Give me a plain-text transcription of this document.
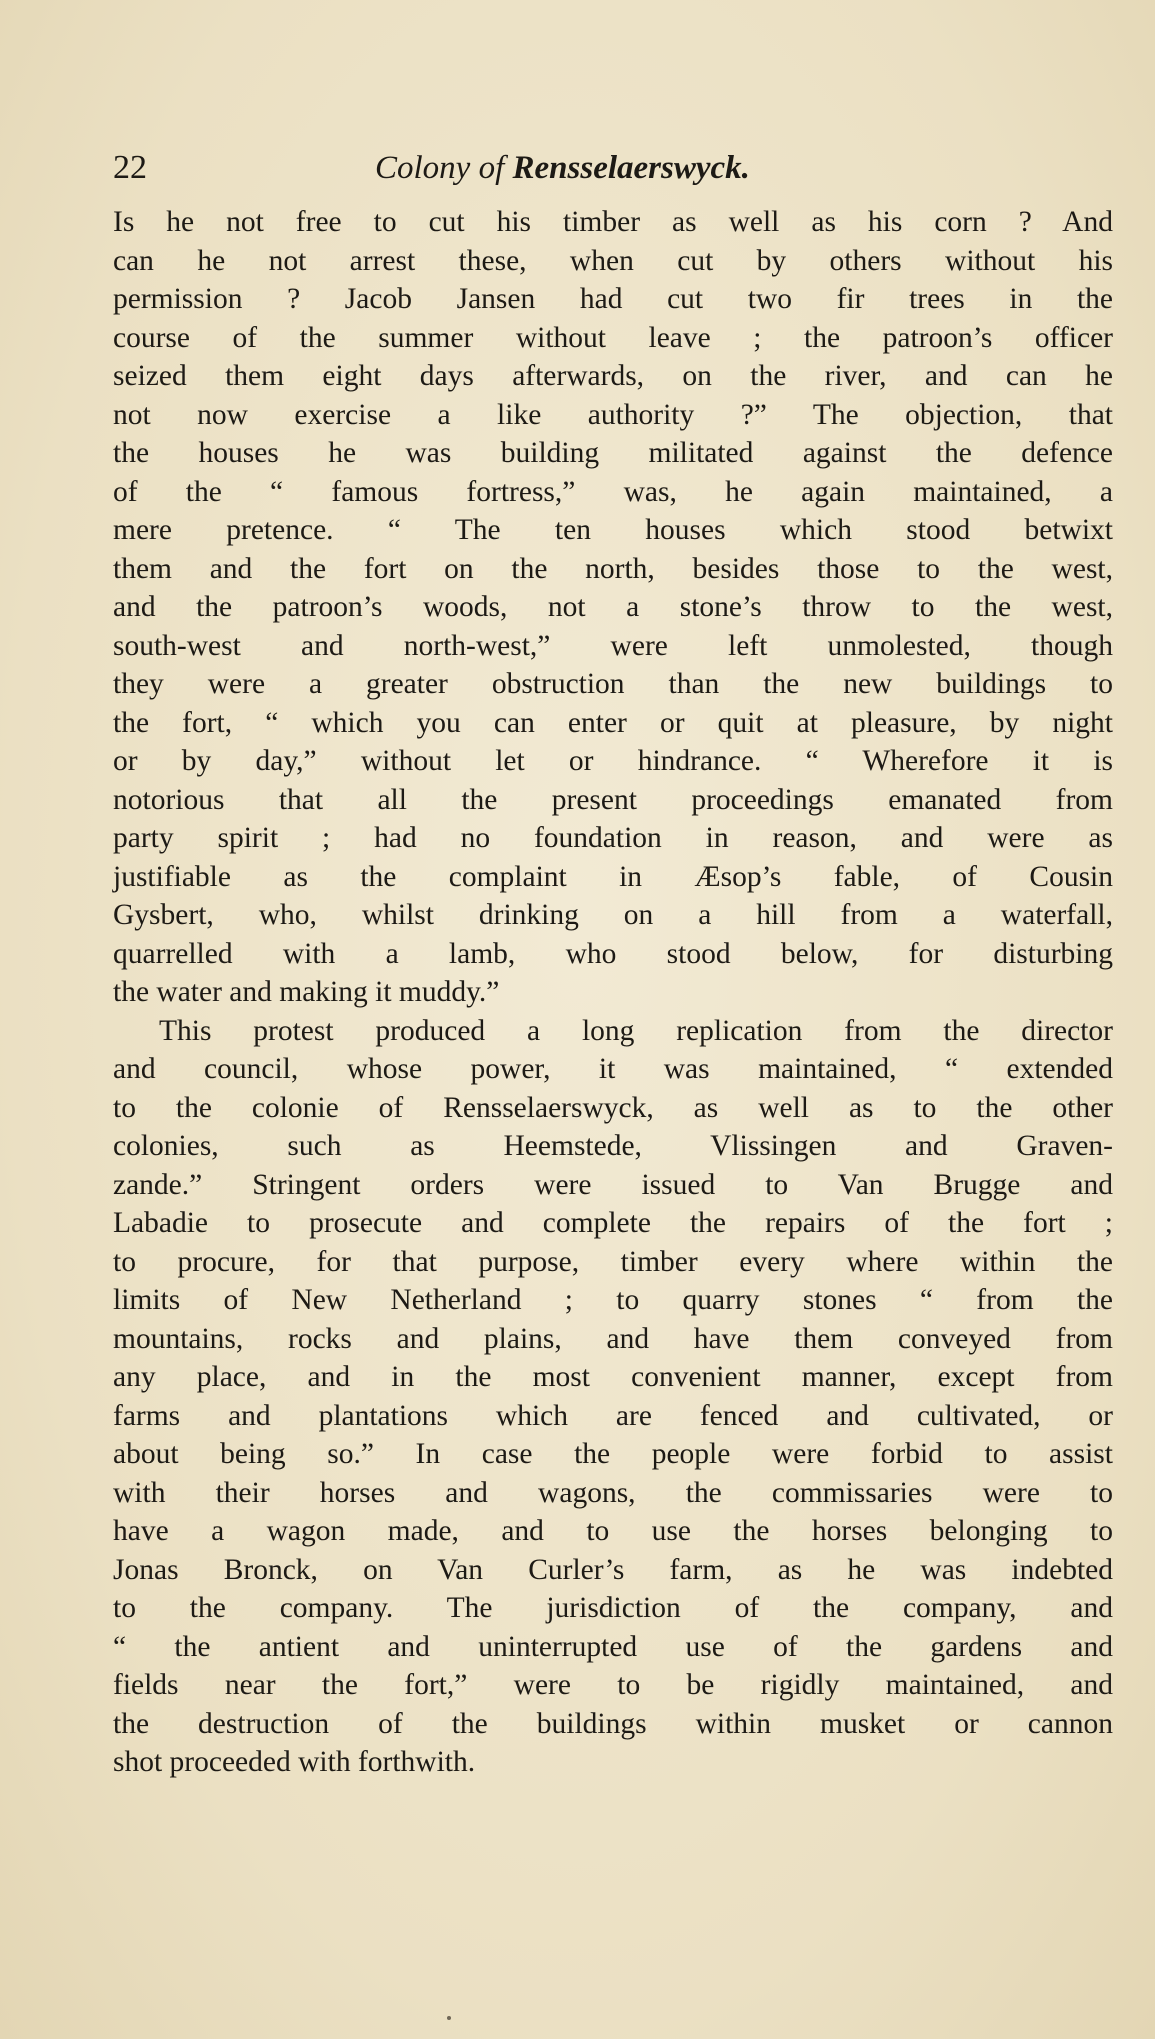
22	Colony of Rensselaerswyck.
Is he not free to cut his timber as well as his corn ? And
can he not arrest these, when cut by others without his
permission ? Jacob Jansen had cut two fir trees in the
course of the summer without leave ; the patroon’s officer
seized them eight days afterwards, on the river, and can he
not now exercise a like authority ?” The objection, that
the houses he was building militated against the defence
of the “ famous fortress,” was, he again maintained, a
mere pretence. “ The ten houses which stood betwixt
them and the fort on the north, besides those to the west,
and the patroon’s woods, not a stone’s throw to the west,
south-west and north-west,” were left unmolested, though
they were a greater obstruction than the new buildings to
the fort, “ which you can enter or quit at pleasure, by night
or by day,” without let or hindrance. “ Wherefore it is
notorious that all the present proceedings emanated from
party spirit ; had no foundation in reason, and were as
justifiable as the complaint in Æsop’s fable, of Cousin
Gysbert, who, whilst drinking on a hill from a waterfall,
quarrelled with a lamb, who stood below, for disturbing
the water and making it muddy.”
This protest produced a long replication from the director
and council, whose power, it was maintained, “ extended
to the colonie of Rensselaerswyck, as well as to the other
colonies, such as Heemstede, Vlissingen and Graven-
zande.” Stringent orders were issued to Van Brugge and
Labadie to prosecute and complete the repairs of the fort ;
to procure, for that purpose, timber every where within the
limits of New Netherland ; to quarry stones “ from the
mountains, rocks and plains, and have them conveyed from
any place, and in the most convenient manner, except from
farms and plantations which are fenced and cultivated, or
about being so.” In case the people were forbid to assist
with their horses and wagons, the commissaries were to
have a wagon made, and to use the horses belonging to
Jonas Bronck, on Van Curler’s farm, as he was indebted
to the company. The jurisdiction of the company, and
“ the antient and uninterrupted use of the gardens and
fields near the fort,” were to be rigidly maintained, and
the destruction of the buildings within musket or cannon
shot proceeded with forthwith.
